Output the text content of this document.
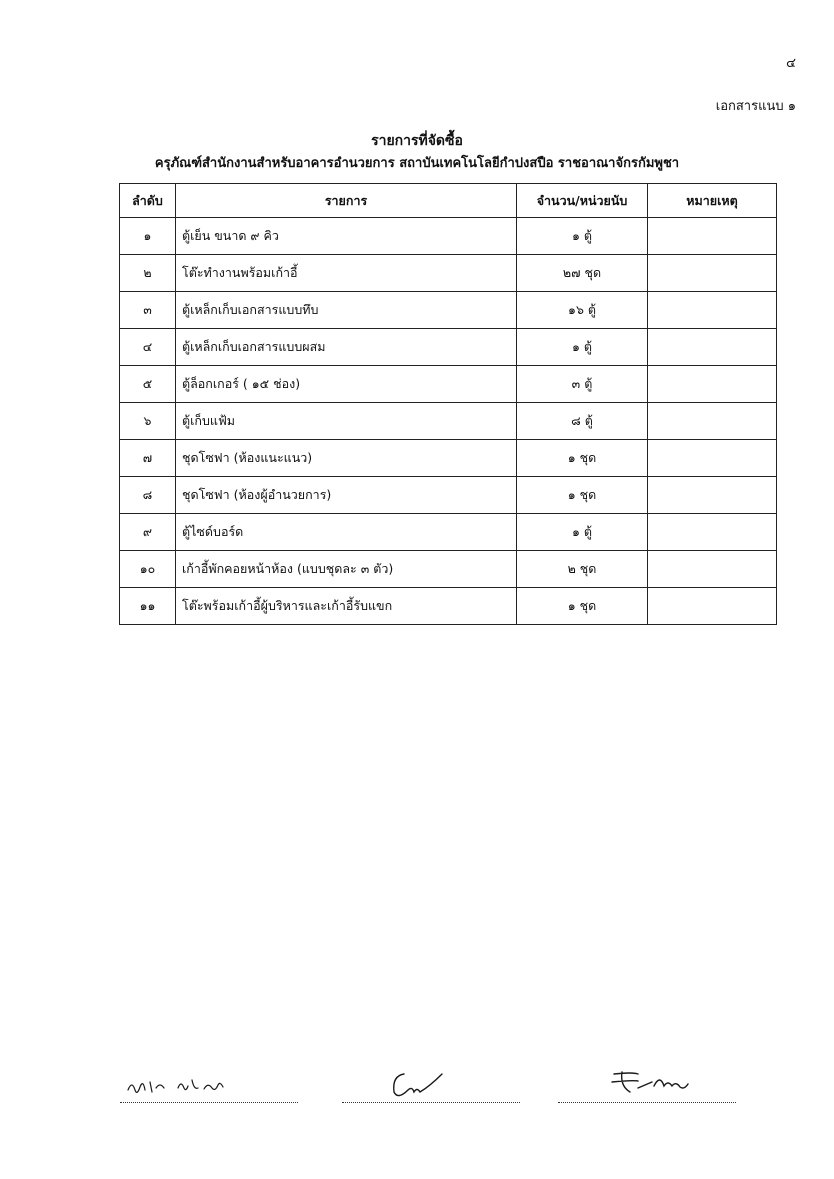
๔
เอกสารแนบ ๑
รายการที่จัดซื้อ
ครุภัณฑ์สำนักงานสำหรับอาคารอำนวยการ สถาบันเทคโนโลยีกำปงสปือ ราชอาณาจักรกัมพูชา
ลำดับ	รายการ	จำนวน/หน่วยนับ	หมายเหตุ
๑	ตู้เย็น ขนาด ๙ คิว	๑ ตู้	
๒	โต๊ะทำงานพร้อมเก้าอี้	๒๗ ชุด	
๓	ตู้เหล็กเก็บเอกสารแบบทึบ	๑๖ ตู้	
๔	ตู้เหล็กเก็บเอกสารแบบผสม	๑ ตู้	
๕	ตู้ล็อกเกอร์ ( ๑๕ ช่อง)	๓ ตู้	
๖	ตู้เก็บแฟ้ม	๘ ตู้	
๗	ชุดโซฟา (ห้องแนะแนว)	๑ ชุด	
๘	ชุดโซฟา (ห้องผู้อำนวยการ)	๑ ชุด	
๙	ตู้ไซด์บอร์ด	๑ ตู้	
๑๐	เก้าอี้พักคอยหน้าห้อง (แบบชุดละ ๓ ตัว)	๒ ชุด	
๑๑	โต๊ะพร้อมเก้าอี้ผู้บริหารและเก้าอี้รับแขก	๑ ชุด	
